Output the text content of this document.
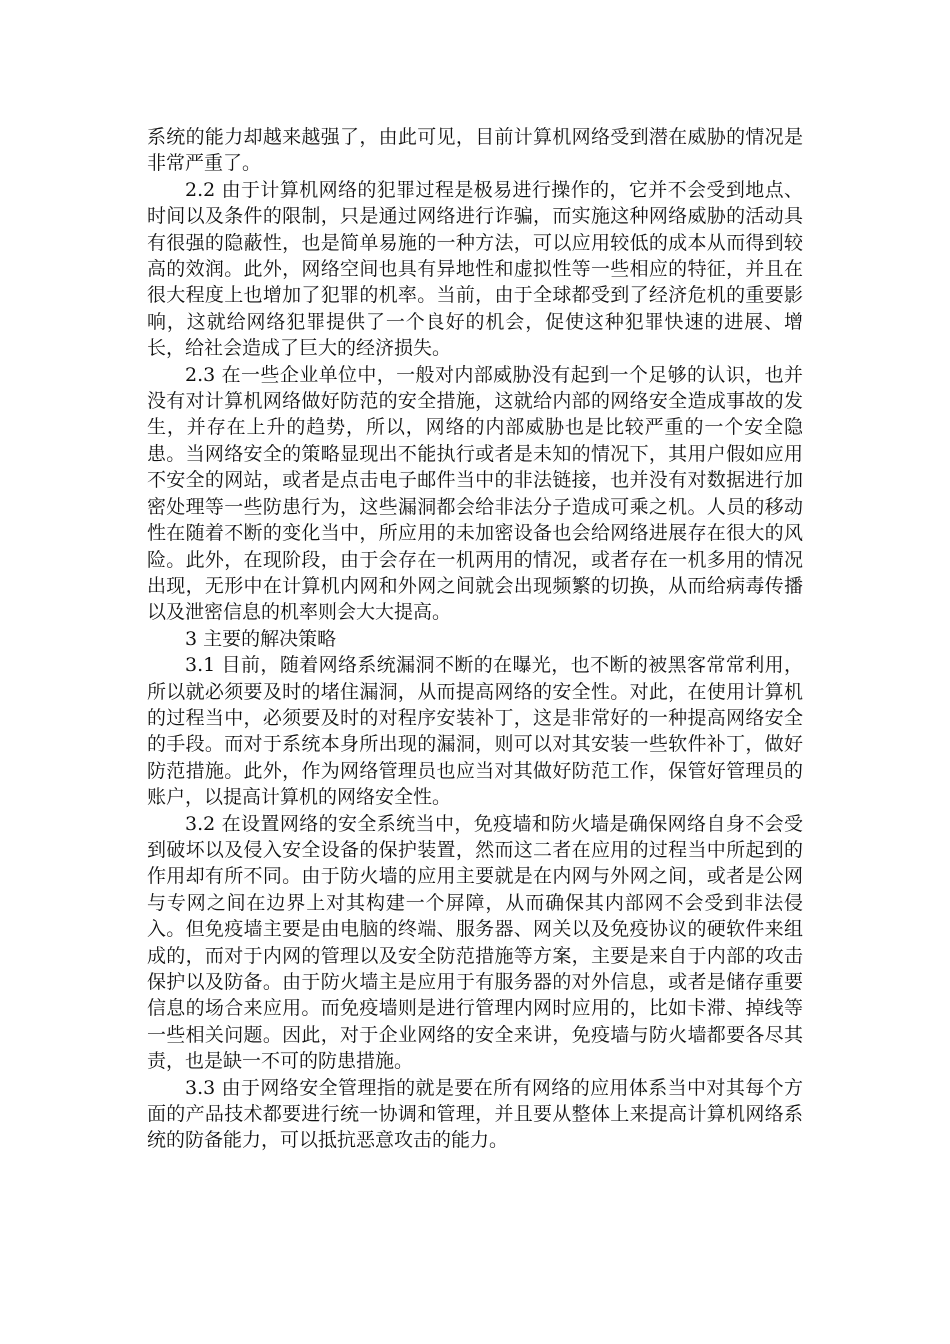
系统的能力却越来越强了，由此可见，目前计算机网络受到潜在威胁的情况是非常严重了。

2.2 由于计算机网络的犯罪过程是极易进行操作的，它并不会受到地点、时间以及条件的限制，只是通过网络进行诈骗，而实施这种网络威胁的活动具有很强的隐蔽性，也是简单易施的一种方法，可以应用较低的成本从而得到较高的效润。此外，网络空间也具有异地性和虚拟性等一些相应的特征，并且在很大程度上也增加了犯罪的机率。当前，由于全球都受到了经济危机的重要影响，这就给网络犯罪提供了一个良好的机会，促使这种犯罪快速的进展、增长，给社会造成了巨大的经济损失。

2.3 在一些企业单位中，一般对内部威胁没有起到一个足够的认识，也并没有对计算机网络做好防范的安全措施，这就给内部的网络安全造成事故的发生，并存在上升的趋势，所以，网络的内部威胁也是比较严重的一个安全隐患。当网络安全的策略显现出不能执行或者是未知的情况下，其用户假如应用不安全的网站，或者是点击电子邮件当中的非法链接，也并没有对数据进行加密处理等一些防患行为，这些漏洞都会给非法分子造成可乘之机。人员的移动性在随着不断的变化当中，所应用的未加密设备也会给网络进展存在很大的风险。此外，在现阶段，由于会存在一机两用的情况，或者存在一机多用的情况出现，无形中在计算机内网和外网之间就会出现频繁的切换，从而给病毒传播以及泄密信息的机率则会大大提高。

3 主要的解决策略

3.1 目前，随着网络系统漏洞不断的在曝光，也不断的被黑客常常利用，所以就必须要及时的堵住漏洞，从而提高网络的安全性。对此，在使用计算机的过程当中，必须要及时的对程序安装补丁，这是非常好的一种提高网络安全的手段。而对于系统本身所出现的漏洞，则可以对其安装一些软件补丁，做好防范措施。此外，作为网络管理员也应当对其做好防范工作，保管好管理员的账户，以提高计算机的网络安全性。

3.2 在设置网络的安全系统当中，免疫墙和防火墙是确保网络自身不会受到破坏以及侵入安全设备的保护装置，然而这二者在应用的过程当中所起到的作用却有所不同。由于防火墙的应用主要就是在内网与外网之间，或者是公网与专网之间在边界上对其构建一个屏障，从而确保其内部网不会受到非法侵入。但免疫墙主要是由电脑的终端、服务器、网关以及免疫协议的硬软件来组成的，而对于内网的管理以及安全防范措施等方案，主要是来自于内部的攻击保护以及防备。由于防火墙主是应用于有服务器的对外信息，或者是储存重要信息的场合来应用。而免疫墙则是进行管理内网时应用的，比如卡滞、掉线等一些相关问题。因此，对于企业网络的安全来讲，免疫墙与防火墙都要各尽其责，也是缺一不可的防患措施。

3.3 由于网络安全管理指的就是要在所有网络的应用体系当中对其每个方面的产品技术都要进行统一协调和管理，并且要从整体上来提高计算机网络系统的防备能力，可以抵抗恶意攻击的能力。
